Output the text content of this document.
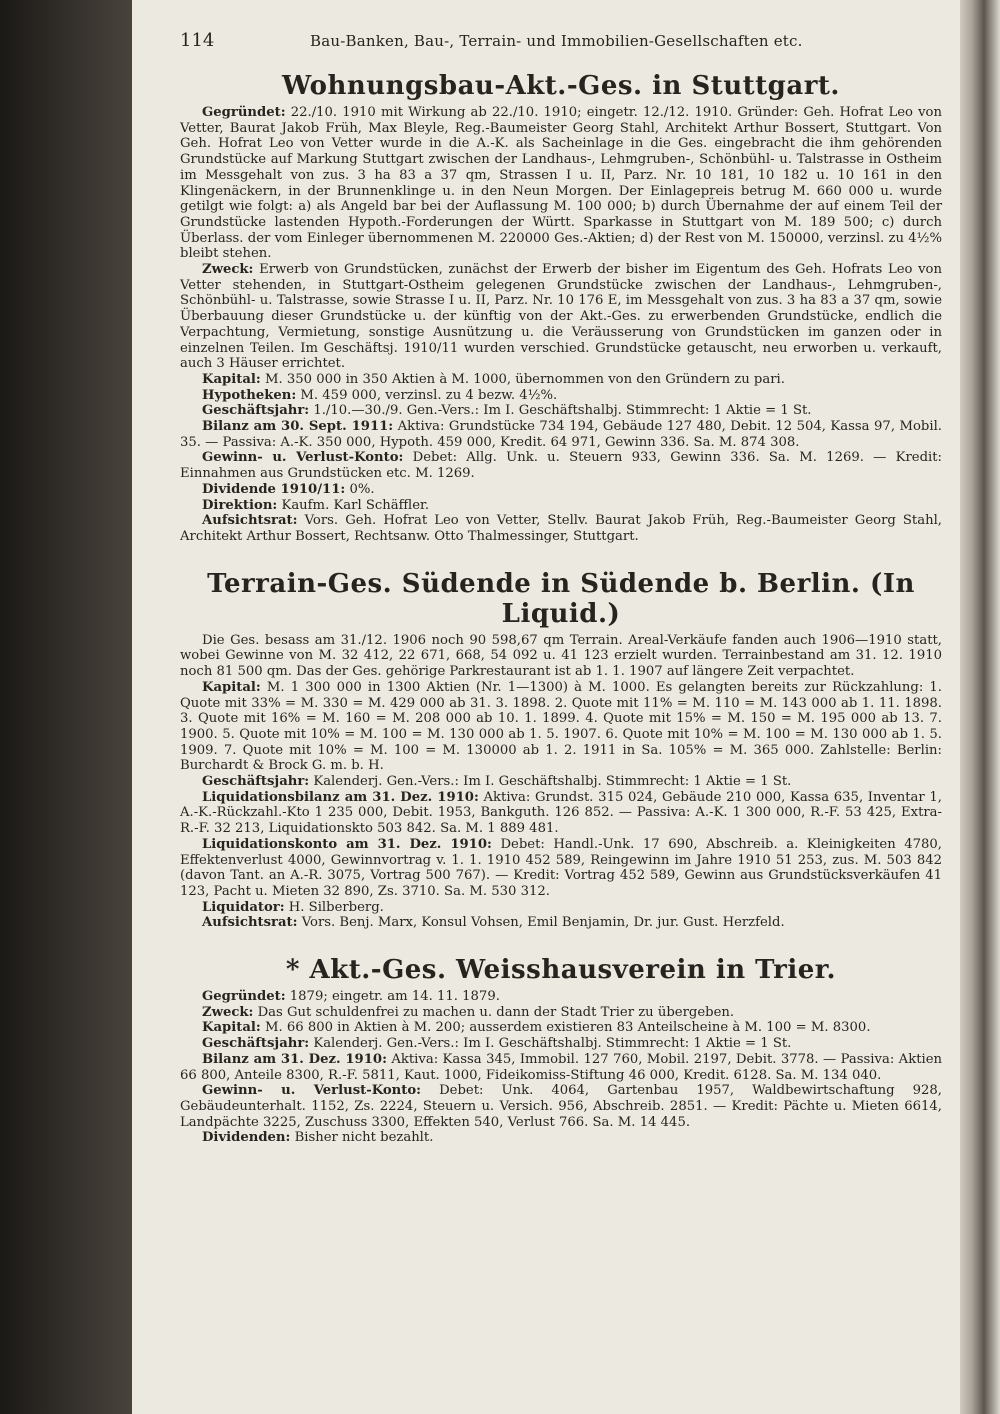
114	Bau-Banken, Bau-, Terrain- und Immobilien-Gesellschaften etc.
Wohnungsbau-Akt.-Ges. in Stuttgart.

Gegründet: 22./10. 1910 mit Wirkung ab 22./10. 1910; eingetr. 12./12. 1910. Gründer: Geh. Hofrat Leo von Vetter, Baurat Jakob Früh, Max Bleyle, Reg.-Baumeister Georg Stahl, Architekt Arthur Bossert, Stuttgart. Von Geh. Hofrat Leo von Vetter wurde in die A.-K. als Sacheinlage in die Ges. eingebracht die ihm gehörenden Grundstücke auf Markung Stuttgart zwischen der Landhaus-, Lehmgruben-, Schönbühl- u. Talstrasse in Ostheim im Messgehalt von zus. 3 ha 83 a 37 qm, Strassen I u. II, Parz. Nr. 10 181, 10 182 u. 10 161 in den Klingenäckern, in der Brunnenklinge u. in den Neun Morgen. Der Einlagepreis betrug M. 660 000 u. wurde getilgt wie folgt: a) als Angeld bar bei der Auflassung M. 100 000; b) durch Übernahme der auf einem Teil der Grundstücke lastenden Hypoth.-Forderungen der Württ. Sparkasse in Stuttgart von M. 189 500; c) durch Überlass. der vom Einleger übernommenen M. 220000 Ges.-Aktien; d) der Rest von M. 150000, verzinsl. zu 4½% bleibt stehen.

Zweck: Erwerb von Grundstücken, zunächst der Erwerb der bisher im Eigentum des Geh. Hofrats Leo von Vetter stehenden, in Stuttgart-Ostheim gelegenen Grundstücke zwischen der Landhaus-, Lehmgruben-, Schönbühl- u. Talstrasse, sowie Strasse I u. II, Parz. Nr. 10 176 E, im Messgehalt von zus. 3 ha 83 a 37 qm, sowie Überbauung dieser Grundstücke u. der künftig von der Akt.-Ges. zu erwerbenden Grundstücke, endlich die Verpachtung, Vermietung, sonstige Ausnützung u. die Veräusserung von Grundstücken im ganzen oder in einzelnen Teilen. Im Geschäftsj. 1910/11 wurden verschied. Grundstücke getauscht, neu erworben u. verkauft, auch 3 Häuser errichtet.

Kapital: M. 350 000 in 350 Aktien à M. 1000, übernommen von den Gründern zu pari.

Hypotheken: M. 459 000, verzinsl. zu 4 bezw. 4½%.

Geschäftsjahr: 1./10.—30./9. Gen.-Vers.: Im I. Geschäftshalbj. Stimmrecht: 1 Aktie = 1 St.

Bilanz am 30. Sept. 1911: Aktiva: Grundstücke 734 194, Gebäude 127 480, Debit. 12 504, Kassa 97, Mobil. 35. — Passiva: A.-K. 350 000, Hypoth. 459 000, Kredit. 64 971, Gewinn 336. Sa. M. 874 308.

Gewinn- u. Verlust-Konto: Debet: Allg. Unk. u. Steuern 933, Gewinn 336. Sa. M. 1269. — Kredit: Einnahmen aus Grundstücken etc. M. 1269.

Dividende 1910/11: 0%.

Direktion: Kaufm. Karl Schäffler.

Aufsichtsrat: Vors. Geh. Hofrat Leo von Vetter, Stellv. Baurat Jakob Früh, Reg.-Baumeister Georg Stahl, Architekt Arthur Bossert, Rechtsanw. Otto Thalmessinger, Stuttgart.

Terrain-Ges. Südende in Südende b. Berlin. (In Liquid.)

Die Ges. besass am 31./12. 1906 noch 90 598,67 qm Terrain. Areal-Verkäufe fanden auch 1906—1910 statt, wobei Gewinne von M. 32 412, 22 671, 668, 54 092 u. 41 123 erzielt wurden. Terrainbestand am 31. 12. 1910 noch 81 500 qm. Das der Ges. gehörige Parkrestaurant ist ab 1. 1. 1907 auf längere Zeit verpachtet.

Kapital: M. 1 300 000 in 1300 Aktien (Nr. 1—1300) à M. 1000. Es gelangten bereits zur Rückzahlung: 1. Quote mit 33% = M. 330 = M. 429 000 ab 31. 3. 1898. 2. Quote mit 11% = M. 110 = M. 143 000 ab 1. 11. 1898. 3. Quote mit 16% = M. 160 = M. 208 000 ab 10. 1. 1899. 4. Quote mit 15% = M. 150 = M. 195 000 ab 13. 7. 1900. 5. Quote mit 10% = M. 100 = M. 130 000 ab 1. 5. 1907. 6. Quote mit 10% = M. 100 = M. 130 000 ab 1. 5. 1909. 7. Quote mit 10% = M. 100 = M. 130000 ab 1. 2. 1911 in Sa. 105% = M. 365 000. Zahlstelle: Berlin: Burchardt & Brock G. m. b. H.

Geschäftsjahr: Kalenderj. Gen.-Vers.: Im I. Geschäftshalbj. Stimmrecht: 1 Aktie = 1 St.

Liquidationsbilanz am 31. Dez. 1910: Aktiva: Grundst. 315 024, Gebäude 210 000, Kassa 635, Inventar 1, A.-K.-Rückzahl.-Kto 1 235 000, Debit. 1953, Bankguth. 126 852. — Passiva: A.-K. 1 300 000, R.-F. 53 425, Extra-R.-F. 32 213, Liquidationskto 503 842. Sa. M. 1 889 481.

Liquidationskonto am 31. Dez. 1910: Debet: Handl.-Unk. 17 690, Abschreib. a. Kleinigkeiten 4780, Effektenverlust 4000, Gewinnvortrag v. 1. 1. 1910 452 589, Reingewinn im Jahre 1910 51 253, zus. M. 503 842 (davon Tant. an A.-R. 3075, Vortrag 500 767). — Kredit: Vortrag 452 589, Gewinn aus Grundstücksverkäufen 41 123, Pacht u. Mieten 32 890, Zs. 3710. Sa. M. 530 312.

Liquidator: H. Silberberg.

Aufsichtsrat: Vors. Benj. Marx, Konsul Vohsen, Emil Benjamin, Dr. jur. Gust. Herzfeld.

* Akt.-Ges. Weisshausverein in Trier.

Gegründet: 1879; eingetr. am 14. 11. 1879.

Zweck: Das Gut schuldenfrei zu machen u. dann der Stadt Trier zu übergeben.

Kapital: M. 66 800 in Aktien à M. 200; ausserdem existieren 83 Anteilscheine à M. 100 = M. 8300.

Geschäftsjahr: Kalenderj. Gen.-Vers.: Im I. Geschäftshalbj. Stimmrecht: 1 Aktie = 1 St.

Bilanz am 31. Dez. 1910: Aktiva: Kassa 345, Immobil. 127 760, Mobil. 2197, Debit. 3778. — Passiva: Aktien 66 800, Anteile 8300, R.-F. 5811, Kaut. 1000, Fideikomiss-Stiftung 46 000, Kredit. 6128. Sa. M. 134 040.

Gewinn- u. Verlust-Konto: Debet: Unk. 4064, Gartenbau 1957, Waldbewirtschaftung 928, Gebäudeunterhalt. 1152, Zs. 2224, Steuern u. Versich. 956, Abschreib. 2851. — Kredit: Pächte u. Mieten 6614, Landpächte 3225, Zuschuss 3300, Effekten 540, Verlust 766. Sa. M. 14 445.

Dividenden: Bisher nicht bezahlt.
